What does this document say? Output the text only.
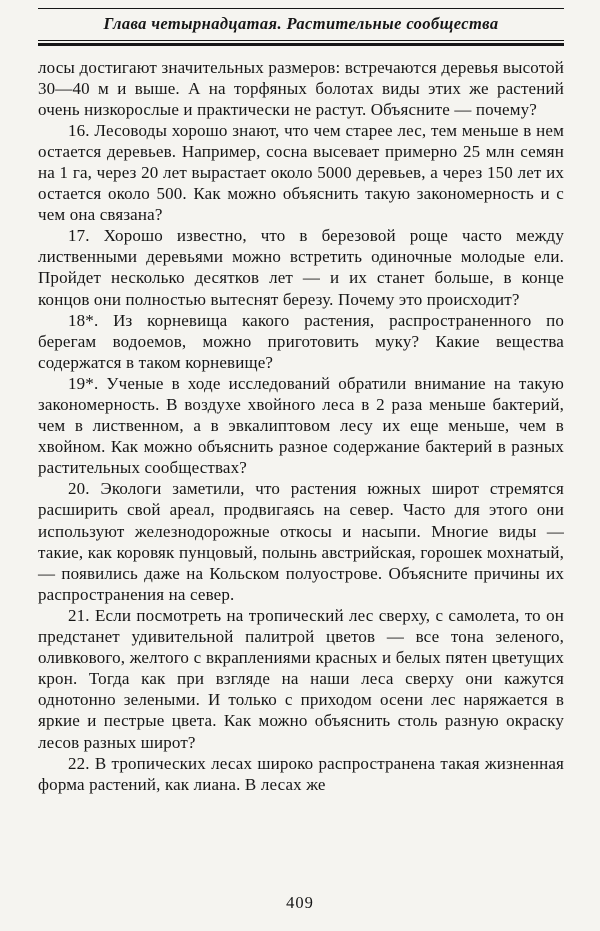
Глава четырнадцатая. Растительные сообщества

лосы достигают значительных размеров: встречаются деревья высотой 30—40 м и выше. А на торфяных болотах виды этих же растений очень низкорослые и практически не растут. Объясните — почему?

16. Лесоводы хорошо знают, что чем старее лес, тем меньше в нем остается деревьев. Например, сосна высевает примерно 25 млн семян на 1 га, через 20 лет вырастает около 5000 деревьев, а через 150 лет их остается около 500. Как можно объяснить такую закономерность и с чем она связана?

17. Хорошо известно, что в березовой роще часто между лиственными деревьями можно встретить одиночные молодые ели. Пройдет несколько десятков лет — и их станет больше, в конце концов они полностью вытеснят березу. Почему это происходит?

18*. Из корневища какого растения, распространенного по берегам водоемов, можно приготовить муку? Какие вещества содержатся в таком корневище?

19*. Ученые в ходе исследований обратили внимание на такую закономерность. В воздухе хвойного леса в 2 раза меньше бактерий, чем в лиственном, а в эвкалиптовом лесу их еще меньше, чем в хвойном. Как можно объяснить разное содержание бактерий в разных растительных сообществах?

20. Экологи заметили, что растения южных широт стремятся расширить свой ареал, продвигаясь на север. Часто для этого они используют железнодорожные откосы и насыпи. Многие виды — такие, как коровяк пунцовый, полынь австрийская, горошек мохнатый, — появились даже на Кольском полуострове. Объясните причины их распространения на север.

21. Если посмотреть на тропический лес сверху, с самолета, то он предстанет удивительной палитрой цветов — все тона зеленого, оливкового, желтого с вкраплениями красных и белых пятен цветущих крон. Тогда как при взгляде на наши леса сверху они кажутся однотонно зелеными. И только с приходом осени лес наряжается в яркие и пестрые цвета. Как можно объяснить столь разную окраску лесов разных широт?

22. В тропических лесах широко распространена такая жизненная форма растений, как лиана. В лесах же

409
